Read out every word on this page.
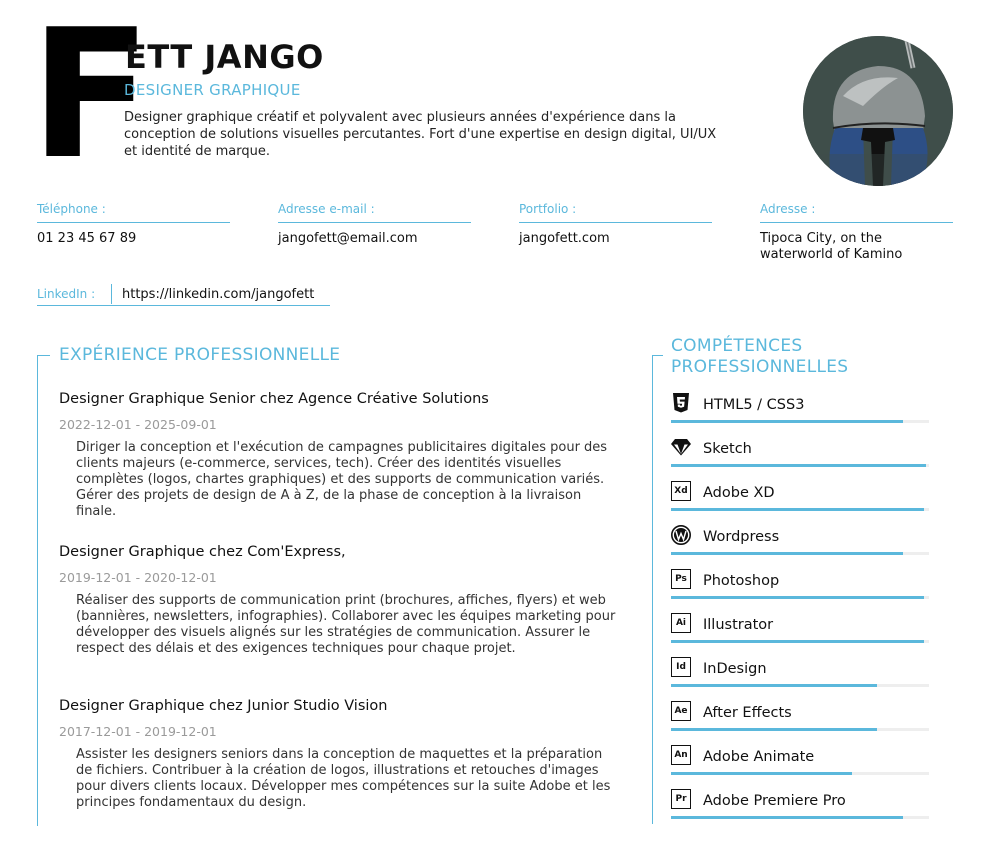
F
ETT JANGO
DESIGNER GRAPHIQUE
Designer graphique créatif et polyvalent avec plusieurs années d'expérience dans la conception de solutions visuelles percutantes. Fort d'une expertise en design digital, UI/UX et identité de marque.
Téléphone :
01 23 45 67 89
Adresse e-mail :
jangofett@email.com
Portfolio :
jangofett.com
Adresse :
Tipoca City, on the waterworld of Kamino
LinkedIn :	https://linkedin.com/jangofett
EXPÉRIENCE PROFESSIONNELLE
Designer Graphique Senior chez Agence Créative Solutions
2022-12-01 - 2025-09-01
Diriger la conception et l'exécution de campagnes publicitaires digitales pour des clients majeurs (e-commerce, services, tech). Créer des identités visuelles complètes (logos, chartes graphiques) et des supports de communication variés. Gérer des projets de design de A à Z, de la phase de conception à la livraison finale.
Designer Graphique chez Com'Express,
2019-12-01 - 2020-12-01
Réaliser des supports de communication print (brochures, affiches, flyers) et web (bannières, newsletters, infographies). Collaborer avec les équipes marketing pour développer des visuels alignés sur les stratégies de communication. Assurer le respect des délais et des exigences techniques pour chaque projet.
Designer Graphique chez Junior Studio Vision
2017-12-01 - 2019-12-01
Assister les designers seniors dans la conception de maquettes et la préparation de fichiers. Contribuer à la création de logos, illustrations et retouches d'images pour divers clients locaux. Développer mes compétences sur la suite Adobe et les principes fondamentaux du design.
COMPÉTENCES
PROFESSIONNELLES
HTML5 / CSS3
Sketch
Xd Adobe XD
Wordpress
Ps Photoshop
Ai	Illustrator
Id	InDesign
Ae After Effects
An Adobe Animate
Pr	Adobe Premiere Pro
